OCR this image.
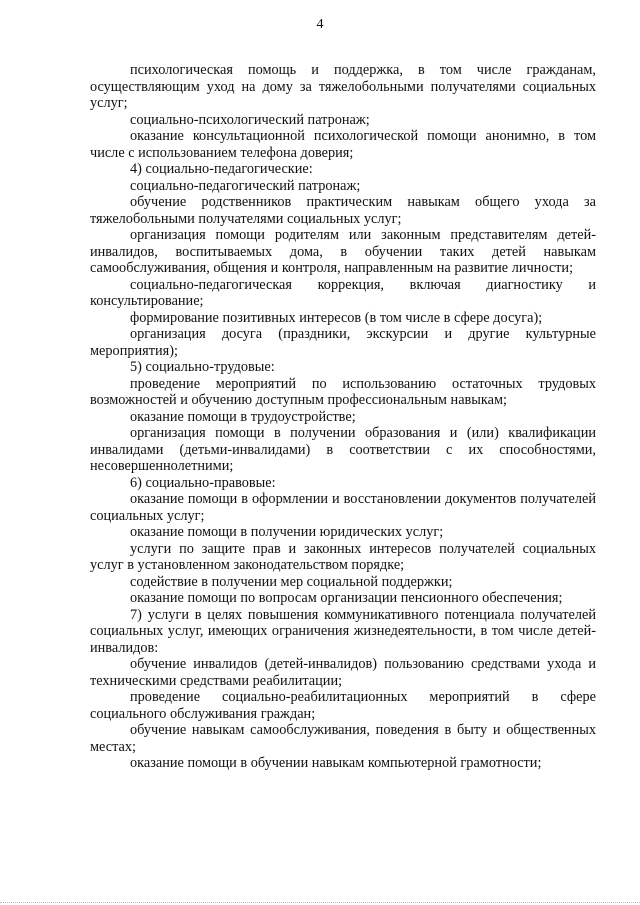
4

психологическая помощь и поддержка, в том числе гражданам, осуществляющим уход на дому за тяжелобольными получателями социальных услуг;

социально-психологический патронаж;

оказание консультационной психологической помощи анонимно, в том числе с использованием телефона доверия;

4) социально-педагогические:

социально-педагогический патронаж;

обучение родственников практическим навыкам общего ухода за тяжелобольными получателями социальных услуг;

организация помощи родителям или законным представителям детей-инвалидов, воспитываемых дома, в обучении таких детей навыкам самообслуживания, общения и контроля, направленным на развитие личности;

социально-педагогическая коррекция, включая диагностику и консультирование;

формирование позитивных интересов (в том числе в сфере досуга);

организация досуга (праздники, экскурсии и другие культурные мероприятия);

5) социально-трудовые:

проведение мероприятий по использованию остаточных трудовых возможностей и обучению доступным профессиональным навыкам;

оказание помощи в трудоустройстве;

организация помощи в получении образования и (или) квалификации инвалидами (детьми-инвалидами) в соответствии с их способностями, несовершеннолетними;

6) социально-правовые:

оказание помощи в оформлении и восстановлении документов получателей социальных услуг;

оказание помощи в получении юридических услуг;

услуги по защите прав и законных интересов получателей социальных услуг в установленном законодательством порядке;

содействие в получении мер социальной поддержки;

оказание помощи по вопросам организации пенсионного обеспечения;

7) услуги в целях повышения коммуникативного потенциала получателей социальных услуг, имеющих ограничения жизнедеятельности, в том числе детей-инвалидов:

обучение инвалидов (детей-инвалидов) пользованию средствами ухода и техническими средствами реабилитации;

проведение социально-реабилитационных мероприятий в сфере социального обслуживания граждан;

обучение навыкам самообслуживания, поведения в быту и общественных местах;

оказание помощи в обучении навыкам компьютерной грамотности;
